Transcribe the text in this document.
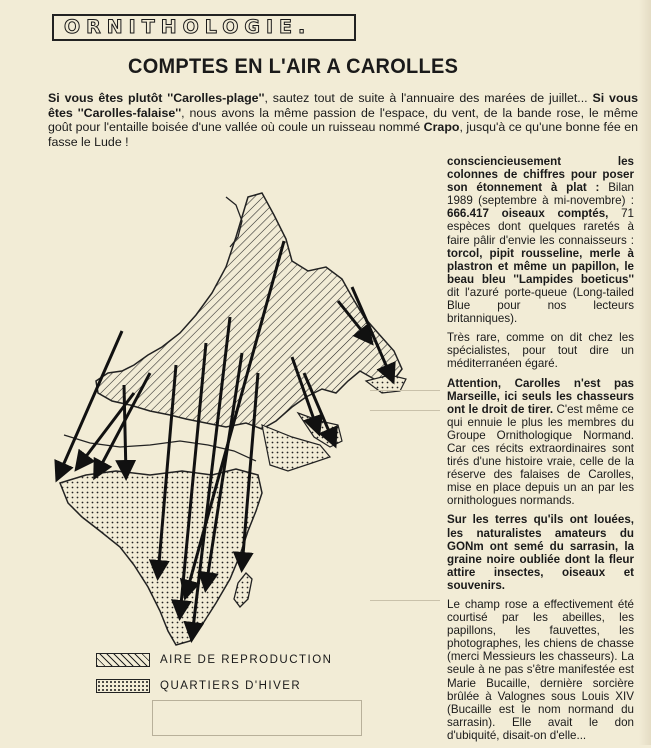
ORNITHOLOGIE.
COMPTES EN L'AIR A CAROLLES
Si vous êtes plutôt ''Carolles-plage'', sautez tout de suite à l'annuaire des marées de juillet... Si vous êtes ''Carolles-falaise'', nous avons la même passion de l'espace, du vent, de la bande rose, le même goût pour l'entaille boisée d'une vallée où coule un ruisseau nommé Crapo, jusqu'à ce qu'une bonne fée en fasse le Lude !
AIRE DE REPRODUCTION
QUARTIERS D'HIVER

consciencieusement les colonnes de chiffres pour poser son étonnement à plat : Bilan 1989 (septembre à mi-novembre) : 666.417 oiseaux comptés, 71 espèces dont quelques raretés à faire pâlir d'envie les connaisseurs : torcol, pipit rousseline, merle à plastron et même un papillon, le beau bleu ''Lampides boeticus'' dit l'azuré porte-queue (Long-tailed Blue pour nos lecteurs britanniques).

Très rare, comme on dit chez les spécialistes, pour tout dire un méditerranéen égaré.

Attention, Carolles n'est pas Marseille, ici seuls les chasseurs ont le droit de tirer. C'est même ce qui ennuie le plus les membres du Groupe Ornithologique Normand. Car ces récits extraordinaires sont tirés d'une histoire vraie, celle de la réserve des falaises de Carolles, mise en place depuis un an par les ornithologues normands.

Sur les terres qu'ils ont louées, les naturalistes amateurs du GONm ont semé du sarrasin, la graine noire oubliée dont la fleur attire insectes, oiseaux et souvenirs.

Le champ rose a effectivement été courtisé par les abeilles, les papillons, les fauvettes, les photographes, les chiens de chasse (merci Messieurs les chasseurs). La seule à ne pas s'être manifestée est Marie Bucaille, dernière sorcière brûlée à Valognes sous Louis XIV (Bucaille est le nom normand du sarrasin). Elle avait le don d'ubiquité, disait-on d'elle...
